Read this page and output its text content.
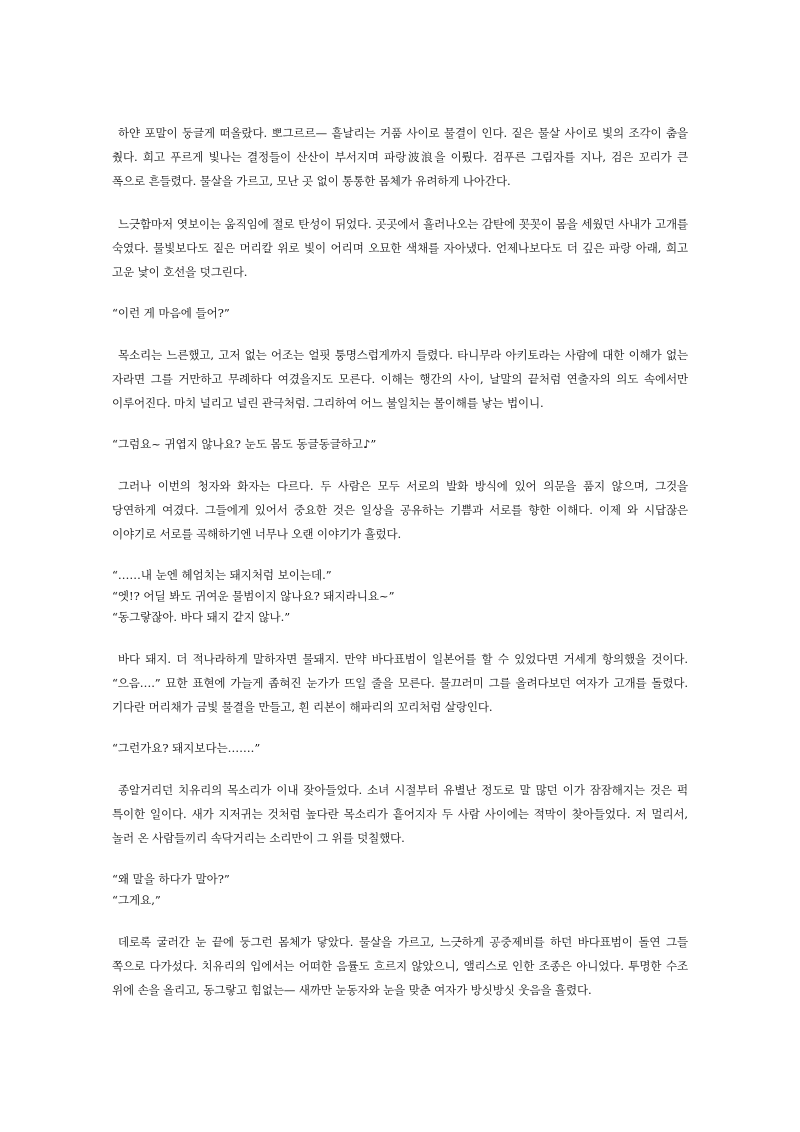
하얀 포말이 둥글게 떠올랐다. 뽀그르르— 흩날리는 거품 사이로 물결이 인다. 짙은 물살 사이로 빛의 조각이 춤을 췄다. 희고 푸르게 빛나는 결정들이 산산이 부서지며 파랑波浪을 이뤘다. 검푸른 그림자를 지나, 검은 꼬리가 큰 폭으로 흔들렸다. 물살을 가르고, 모난 곳 없이 통통한 몸체가 유려하게 나아간다.

느긋함마저 엿보이는 움직임에 절로 탄성이 뒤었다. 곳곳에서 흘러나오는 감탄에 꼿꼿이 몸을 세웠던 사내가 고개를 숙였다. 물빛보다도 짙은 머리칼 위로 빛이 어리며 오묘한 색채를 자아냈다. 언제나보다도 더 깊은 파랑 아래, 희고 고운 낯이 호선을 덧그린다.

“이런 게 마음에 들어?”

목소리는 느른했고, 고저 없는 어조는 얼핏 퉁명스럽게까지 들렸다. 타니무라 아키토라는 사람에 대한 이해가 없는 자라면 그를 거만하고 무례하다 여겼을지도 모른다. 이해는 행간의 사이, 날말의 끝처럼 연출자의 의도 속에서만 이루어진다. 마치 널리고 널린 관극처럼. 그리하여 어느 불일치는 몰이해를 낳는 법이니.

“그럼요~ 귀엽지 않나요? 눈도 몸도 동글동글하고♪”

그러나 이번의 청자와 화자는 다르다. 두 사람은 모두 서로의 발화 방식에 있어 의문을 품지 않으며, 그것을 당연하게 여겼다. 그들에게 있어서 중요한 것은 일상을 공유하는 기쁨과 서로를 향한 이해다. 이제 와 시답잖은 이야기로 서로를 곡해하기엔 너무나 오랜 이야기가 흘렀다.

“……내 눈엔 헤엄치는 돼지처럼 보이는데.”
“엣!? 어딜 봐도 귀여운 물범이지 않나요? 돼지라니요~”
“동그랗잖아. 바다 돼지 같지 않나.”

바다 돼지. 더 적나라하게 말하자면 물돼지. 만약 바다표범이 일본어를 할 수 있었다면 거세게 항의했을 것이다. “으음….” 묘한 표현에 가늘게 좁혀진 눈가가 뜨일 줄을 모른다. 물끄러미 그를 올려다보던 여자가 고개를 돌렸다. 기다란 머리채가 금빛 물결을 만들고, 흰 리본이 해파리의 꼬리처럼 살랑인다.

“그런가요? 돼지보다는…….”

종알거리던 치유리의 목소리가 이내 잦아들었다. 소녀 시절부터 유별난 정도로 말 많던 이가 잠잠해지는 것은 퍽 특이한 일이다. 새가 지저귀는 것처럼 높다란 목소리가 흩어지자 두 사람 사이에는 적막이 찾아들었다. 저 멀리서, 놀러 온 사람들끼리 속닥거리는 소리만이 그 위를 덧칠했다.

“왜 말을 하다가 말아?”
“그게요,”

데로록 굴러간 눈 끝에 둥그런 몸체가 닿았다. 물살을 가르고, 느긋하게 공중제비를 하던 바다표범이 돌연 그들 쪽으로 다가섰다. 치유리의 입에서는 어떠한 음률도 흐르지 않았으니, 앨리스로 인한 조종은 아니었다. 투명한 수조 위에 손을 올리고, 동그랗고 힘없는— 새까만 눈동자와 눈을 맞춘 여자가 방싯방싯 웃음을 흘렸다.
